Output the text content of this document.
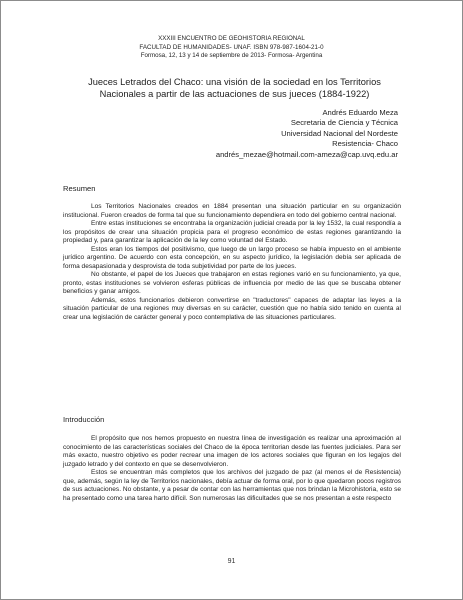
XXXIII ENCUENTRO DE GEOHISTORIA REGIONAL
FACULTAD DE HUMANIDADES- UNAF. ISBN 978-987-1604-21-0
Formosa, 12, 13 y 14 de septiembre de 2013- Formosa- Argentina
Jueces Letrados del Chaco: una visión de la sociedad en los Territorios
Nacionales a partir de las actuaciones de sus jueces (1884-1922)
Andrés Eduardo Meza
Secretaria de Ciencia y Técnica
Universidad Nacional del Nordeste
Resistencia- Chaco
andrés_mezae@hotmail.com-ameza@cap.uvq.edu.ar
Resumen

Los Territorios Nacionales creados en 1884 presentan una situación particular en su organización institucional. Fueron creados de forma tal que su funcionamiento dependiera en todo del gobierno central nacional.

Entre estas instituciones se encontraba la organización judicial creada por la ley 1532, la cual respondía a los propósitos de crear una situación propicia para el progreso económico de estas regiones garantizando la propiedad y, para garantizar la aplicación de la ley como voluntad del Estado.

Estos eran los tiempos del positivismo, que luego de un largo proceso se había impuesto en el ambiente jurídico argentino. De acuerdo con esta concepción, en su aspecto jurídico, la legislación debía ser aplicada de forma desapasionada y desprovista de toda subjetividad por parte de los jueces.

No obstante, el papel de los Jueces que trabajaron en estas regiones varió en su funcionamiento, ya que, pronto, estas instituciones se volvieron esferas públicas de influencia por medio de las que se buscaba obtener beneficios y ganar amigos.

Además, estos funcionarios debieron convertirse en "traductores" capaces de adaptar las leyes a la situación particular de una regiones muy diversas en su carácter, cuestión que no había sido tenido en cuenta al crear una legislación de carácter general y poco contemplativa de las situaciones particulares.

Introducción

El propósito que nos hemos propuesto en nuestra línea de investigación es realizar una aproximación al conocimiento de las características sociales del Chaco de la época territorian desde las fuentes judiciales. Para ser más exacto, nuestro objetivo es poder recrear una imagen de los actores sociales que figuran en los legajos del juzgado letrado y del contexto en que se desenvolvieron.

Estos se encuentran más completos que los archivos del juzgado de paz (al menos el de Resistencia) que, además, según la ley de Territorios nacionales, debía actuar de forma oral, por lo que quedaron pocos registros de sus actuaciones. No obstante, y a pesar de contar con las herramientas que nos brindan la Microhistoria, esto se ha presentado como una tarea harto difícil. Son numerosas las dificultades que se nos presentan a este respecto

91
